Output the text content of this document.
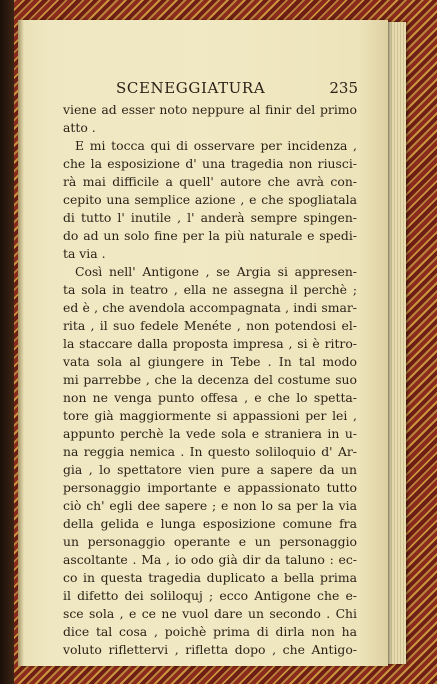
SCENEGGIATURA	235
viene ad esser noto neppure al finir del primo
atto .
E mi tocca qui di osservare per incidenza ,
che la esposizione d' una tragedia non riusci-
rà mai difficile a quell' autore che avrà con-
cepito una semplice azione , e che spogliatala
di tutto l' inutile , l' anderà sempre spingen-
do ad un solo fine per la più naturale e spedi-
ta via .
Così nell' Antigone , se Argia si appresen-
ta sola in teatro , ella ne assegna il perchè ;
ed è , che avendola accompagnata , indi smar-
rita , il suo fedele Menéte , non potendosi el-
la staccare dalla proposta impresa , si è ritro-
vata sola al giungere in Tebe . In tal modo
mi parrebbe , che la decenza del costume suo
non ne venga punto offesa , e che lo spetta-
tore già maggiormente si appassioni per lei ,
appunto perchè la vede sola e straniera in u-
na reggia nemica . In questo soliloquio d' Ar-
gia , lo spettatore vien pure a sapere da un
personaggio importante e appassionato tutto
ciò ch' egli dee sapere ; e non lo sa per la via
della gelida e lunga esposizione comune fra
un personaggio operante e un personaggio
ascoltante . Ma , io odo già dir da taluno : ec-
co in questa tragedia duplicato a bella prima
il difetto dei soliloquj ; ecco Antigone che e-
sce sola , e ce ne vuol dare un secondo . Chi
dice tal cosa , poichè prima di dirla non ha
voluto riflettervi , rifletta dopo , che Antigo-
